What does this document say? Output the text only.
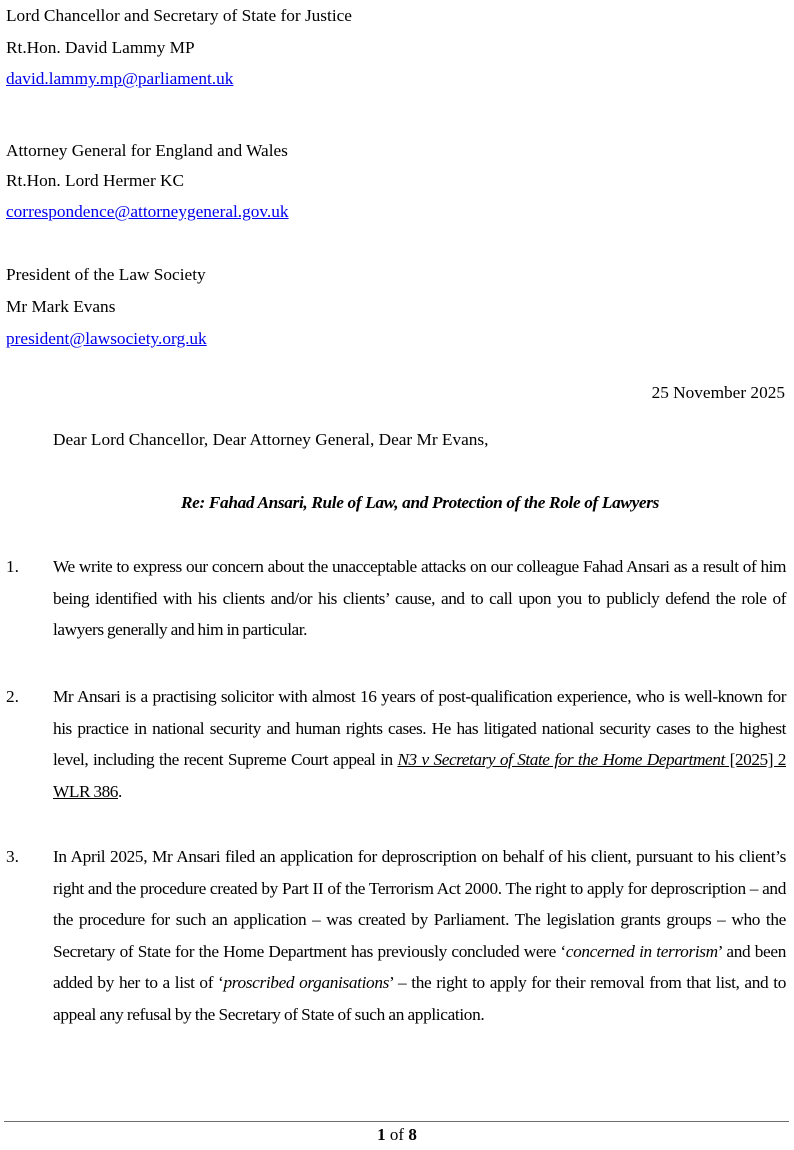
Lord Chancellor and Secretary of State for Justice
Rt.Hon. David Lammy MP
david.lammy.mp@parliament.uk
Attorney General for England and Wales
Rt.Hon. Lord Hermer KC
correspondence@attorneygeneral.gov.uk
President of the Law Society
Mr Mark Evans
president@lawsociety.org.uk
25 November 2025
Dear Lord Chancellor, Dear Attorney General, Dear Mr Evans,
Re: Fahad Ansari, Rule of Law, and Protection of the Role of Lawyers
1. We write to express our concern about the unacceptable attacks on our colleague Fahad Ansari as a result of him being identified with his clients and/or his clients’ cause, and to call upon you to publicly defend the role of lawyers generally and him in particular.
2. Mr Ansari is a practising solicitor with almost 16 years of post-qualification experience, who is well-known for his practice in national security and human rights cases. He has litigated national security cases to the highest level, including the recent Supreme Court appeal in N3 v Secretary of State for the Home Department [2025] 2 WLR 386.
3. In April 2025, Mr Ansari filed an application for deproscription on behalf of his client, pursuant to his client’s right and the procedure created by Part II of the Terrorism Act 2000. The right to apply for deproscription – and the procedure for such an application – was created by Parliament. The legislation grants groups – who the Secretary of State for the Home Department has previously concluded were ‘concerned in terrorism’ and been added by her to a list of ‘proscribed organisations’ – the right to apply for their removal from that list, and to appeal any refusal by the Secretary of State of such an application.
1 of 8
